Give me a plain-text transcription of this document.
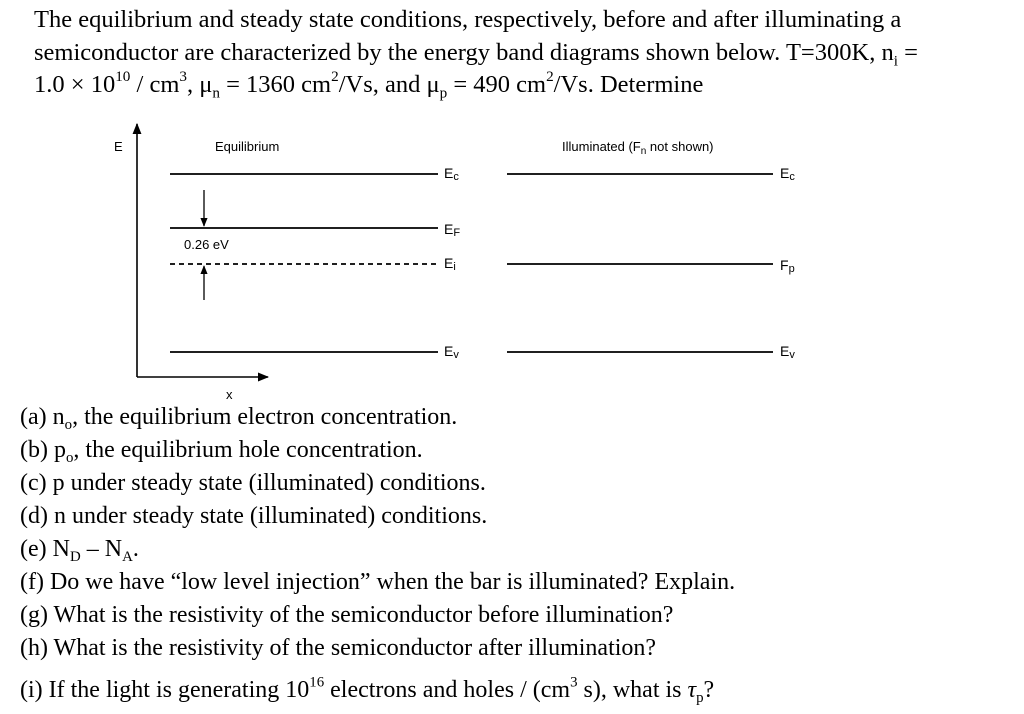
The equilibrium and steady state conditions, respectively, before and after illuminating a
semiconductor are characterized by the energy band diagrams shown below. T=300K, $n_i$ =
$1.0 \times 10^{10} / cm^3$, $\mu_n = 1360$ $cm^2/Vs$, and $\mu_p = 490$ $cm^2/Vs$. Determine
E
x
Equilibrium	Illuminated ($F_n$ not shown)
Ec
EF
Ei
Ev
0.26 eV
Ec
Fp
Ev
(a) $n_o$, the equilibrium electron concentration.
(b) $p_o$, the equilibrium hole concentration.
(c) p under steady state (illuminated) conditions.
(d) n under steady state (illuminated) conditions.
(e) $N_D - N_A$.
(f) Do we have “low level injection” when the bar is illuminated? Explain.
(g) What is the resistivity of the semiconductor before illumination?
(h) What is the resistivity of the semiconductor after illumination?
(i) If the light is generating $10^{16}$ electrons and holes / ($cm^3$ s), what is $\tau_p$?
